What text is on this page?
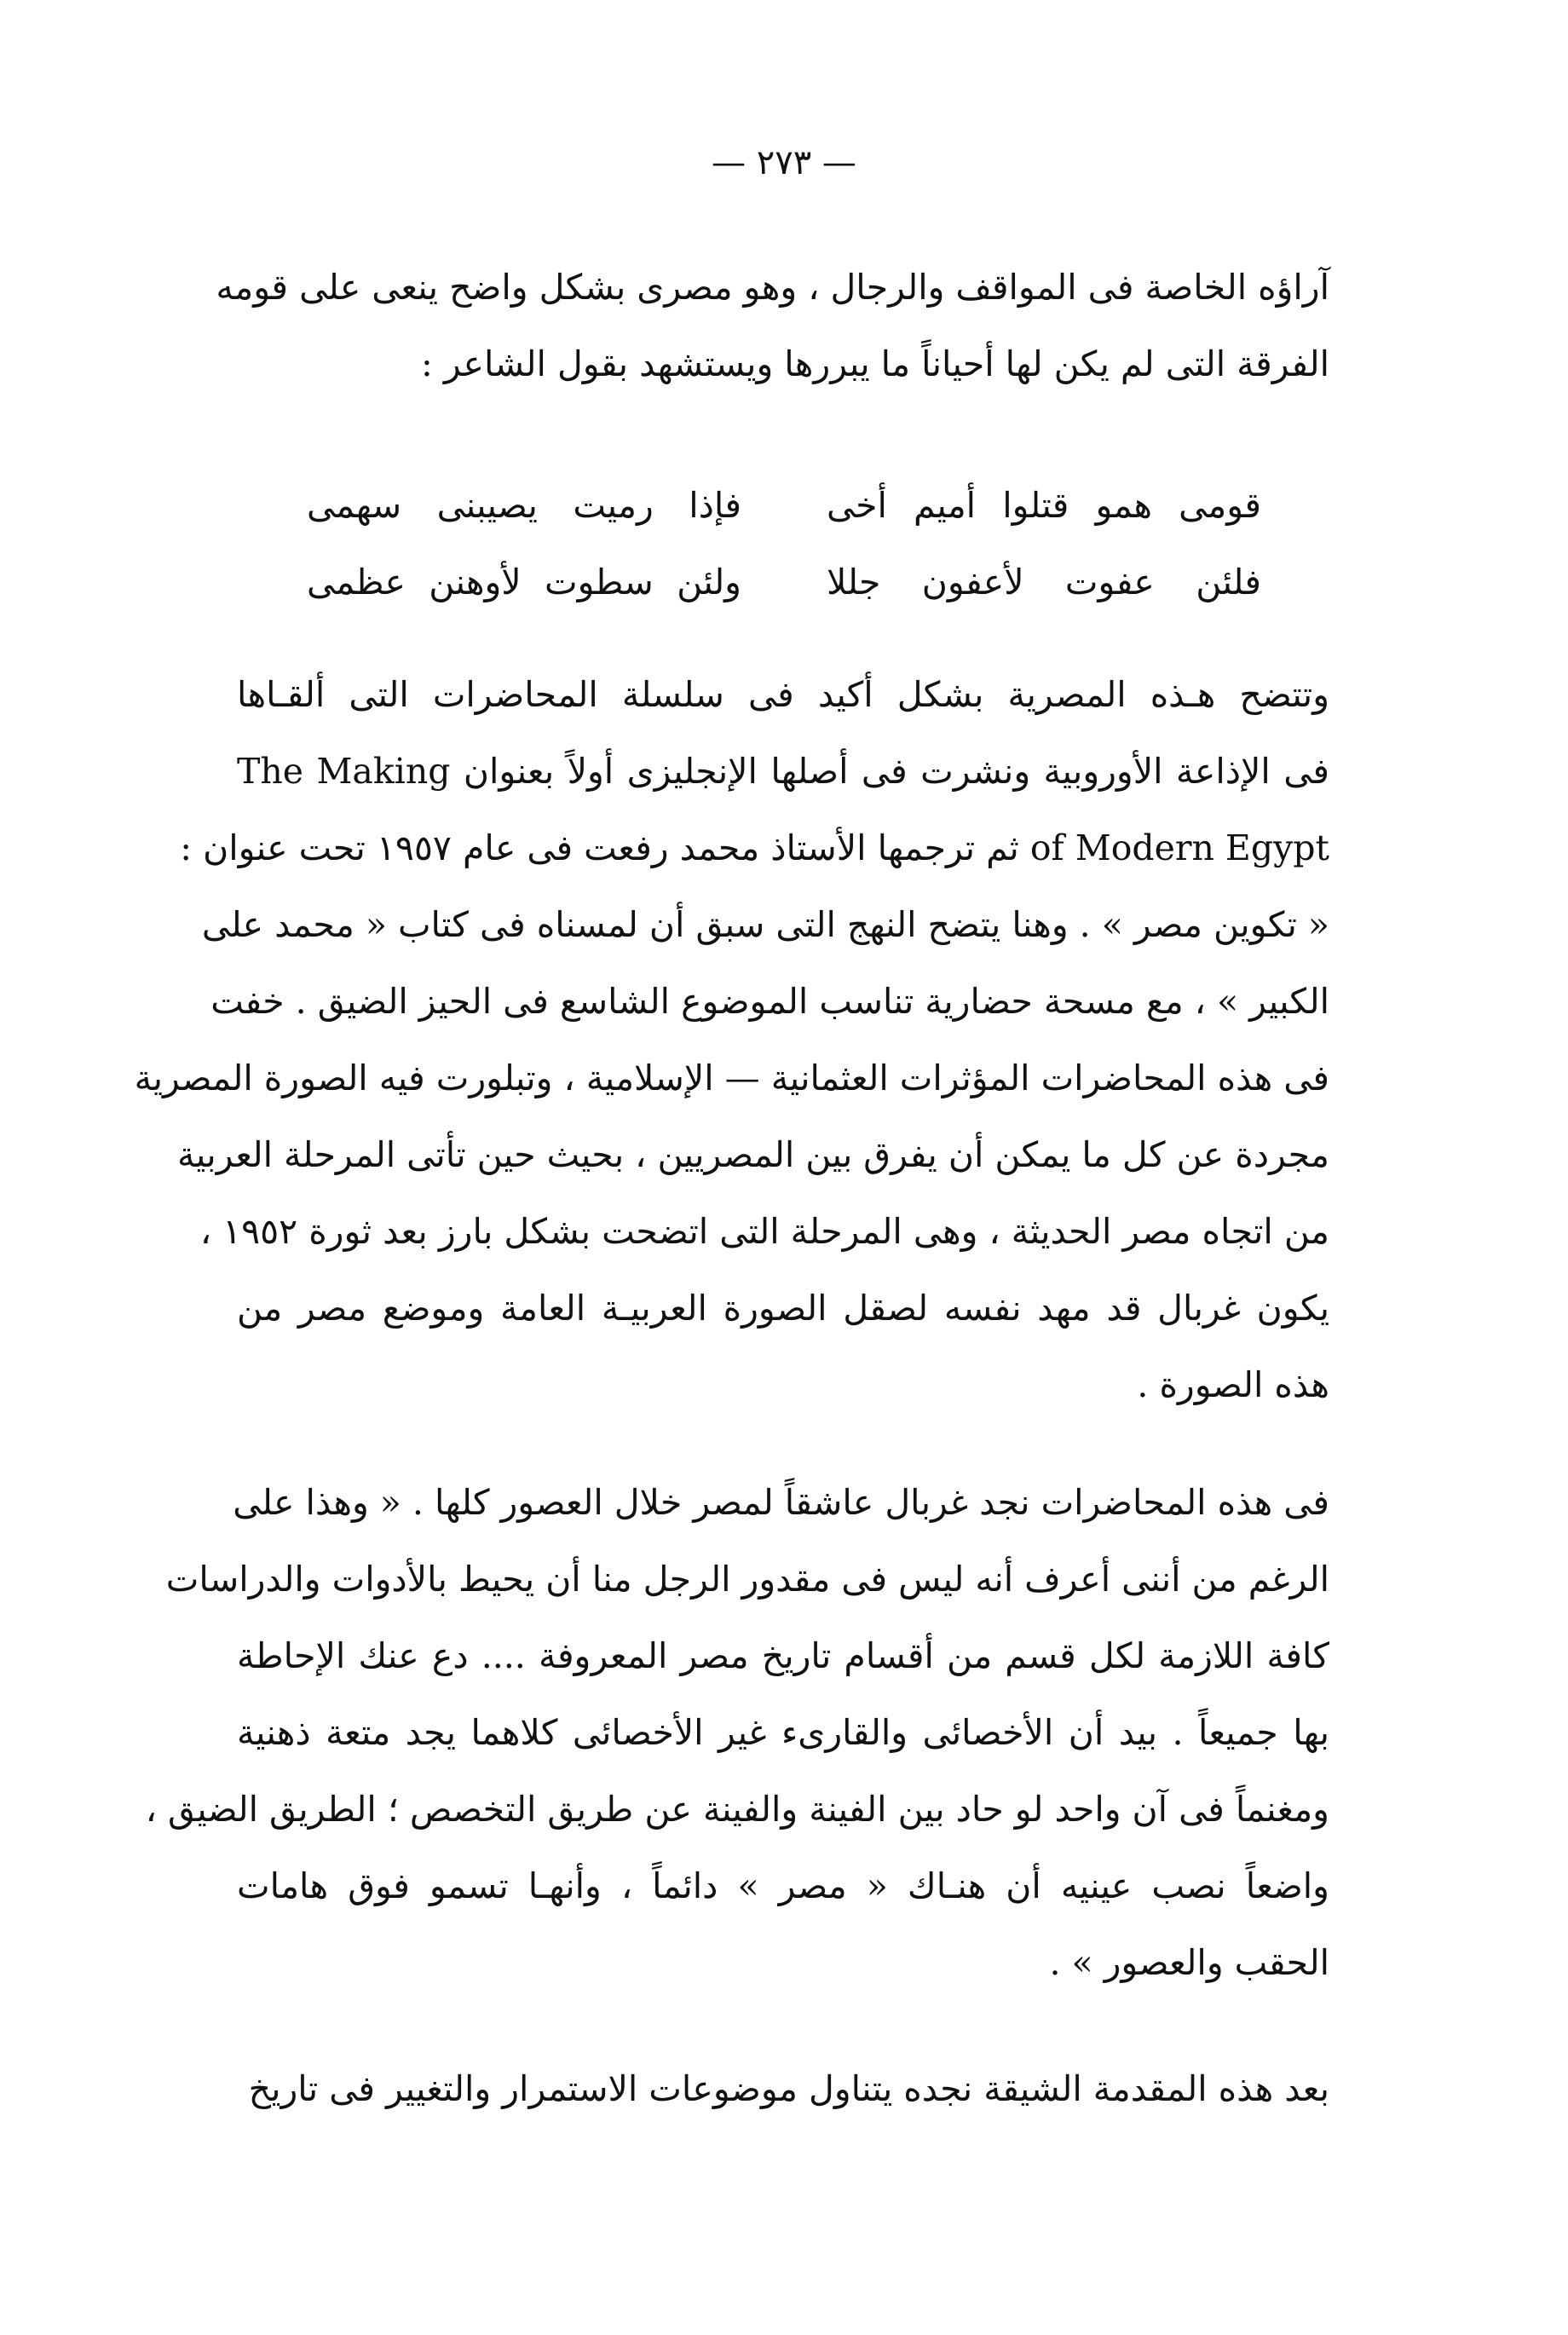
— ٢٧٣ —
آراؤه الخاصة فى المواقف والرجال ، وهو مصرى بشكل واضح ينعى على قومه
الفرقة التى لم يكن لها أحياناً ما يبررها ويستشهد بقول الشاعر :
قومى همو قتلوا أميم أخى
فإذا رميت يصيبنى سهمى
فلئن عفوت لأعفون جللا
ولئن سطوت لأوهنن عظمى
وتتضح هـذه المصرية بشكل أكيد فى سلسلة المحاضرات التى ألقـاها
فى الإذاعة الأوروبية ونشرت فى أصلها الإنجليزى أولاً بعنوان The Making
of Modern Egypt ثم ترجمها الأستاذ محمد رفعت فى عام ١٩٥٧ تحت عنوان :
« تكوين مصر » . وهنا يتضح النهج التى سبق أن لمسناه فى كتاب « محمد على
الكبير » ، مع مسحة حضارية تناسب الموضوع الشاسع فى الحيز الضيق . خفت
فى هذه المحاضرات المؤثرات العثمانية — الإسلامية ، وتبلورت فيه الصورة المصرية
مجردة عن كل ما يمكن أن يفرق بين المصريين ، بحيث حين تأتى المرحلة العربية
من اتجاه مصر الحديثة ، وهى المرحلة التى اتضحت بشكل بارز بعد ثورة ١٩٥٢ ،
يكون غربال قد مهد نفسه لصقل الصورة العربيـة العامة وموضع مصر من
هذه الصورة .
فى هذه المحاضرات نجد غربال عاشقاً لمصر خلال العصور كلها . « وهذا على
الرغم من أننى أعرف أنه ليس فى مقدور الرجل منا أن يحيط بالأدوات والدراسات
كافة اللازمة لكل قسم من أقسام تاريخ مصر المعروفة .... دع عنك الإحاطة
بها جميعاً . بيد أن الأخصائى والقارىء غير الأخصائى كلاهما يجد متعة ذهنية
ومغنماً فى آن واحد لو حاد بين الفينة والفينة عن طريق التخصص ؛ الطريق الضيق ،
واضعاً نصب عينيه أن هنـاك « مصر » دائماً ، وأنهـا تسمو فوق هامات
الحقب والعصور » .
بعد هذه المقدمة الشيقة نجده يتناول موضوعات الاستمرار والتغيير فى تاريخ
